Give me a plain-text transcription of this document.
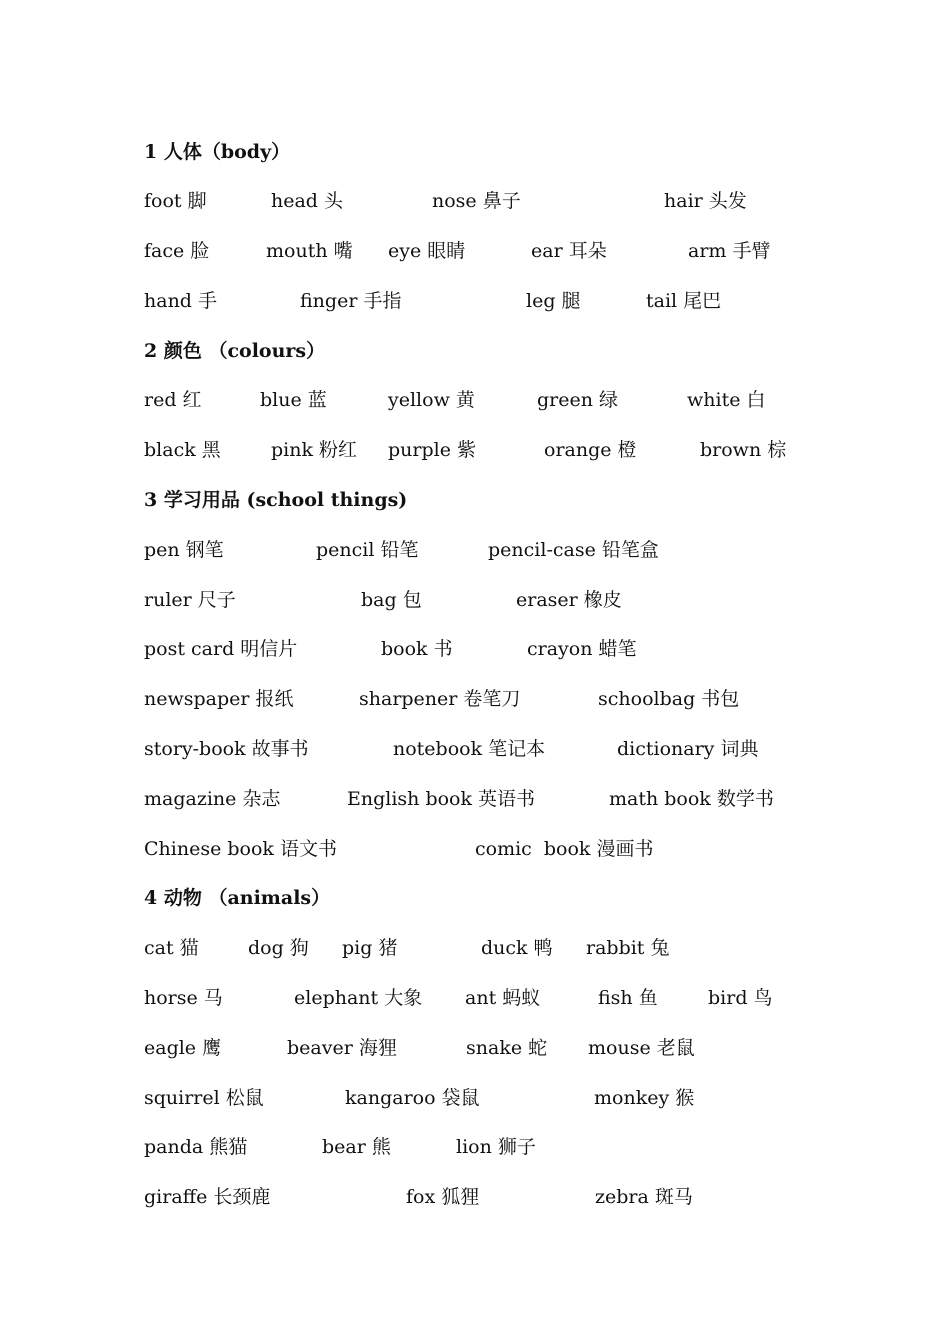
1 人体（body）

foot 脚

	head 头

	nose 鼻子

	hair 头发

face 脸

	mouth 嘴

eye 眼睛

	ear 耳朵

	arm 手臂

hand 手

	finger 手指

	leg 腿

	tail 尾巴

2 颜色 （colours）

red 红

	blue 蓝

	yellow 黄

	green 绿

	white 白

black 黑

	pink 粉红

purple 紫

	orange 橙

	brown 棕

3 学习用品 (school things)

pen 钢笔

	pencil 铅笔

	pencil-case 铅笔盒

ruler 尺子

	bag 包

	eraser 橡皮

post card 明信片

	book 书

	crayon 蜡笔

newspaper 报纸

	sharpener 卷笔刀

	schoolbag 书包

story-book 故事书

	notebook 笔记本

	dictionary 词典

magazine 杂志

	English book 英语书

	math book 数学书

Chinese book 语文书

	comic  book 漫画书

4 动物 （animals）

cat 猫

	dog 狗

pig 猪

	duck 鸭

rabbit 兔

horse 马

	elephant 大象

ant 蚂蚁

	fish 鱼

	bird 鸟

eagle 鹰

	beaver 海狸

	snake 蛇

mouse 老鼠

squirrel 松鼠

	kangaroo 袋鼠

	monkey 猴

panda 熊猫

	bear 熊

	lion 狮子

giraffe 长颈鹿

	fox 狐狸

	zebra 斑马
